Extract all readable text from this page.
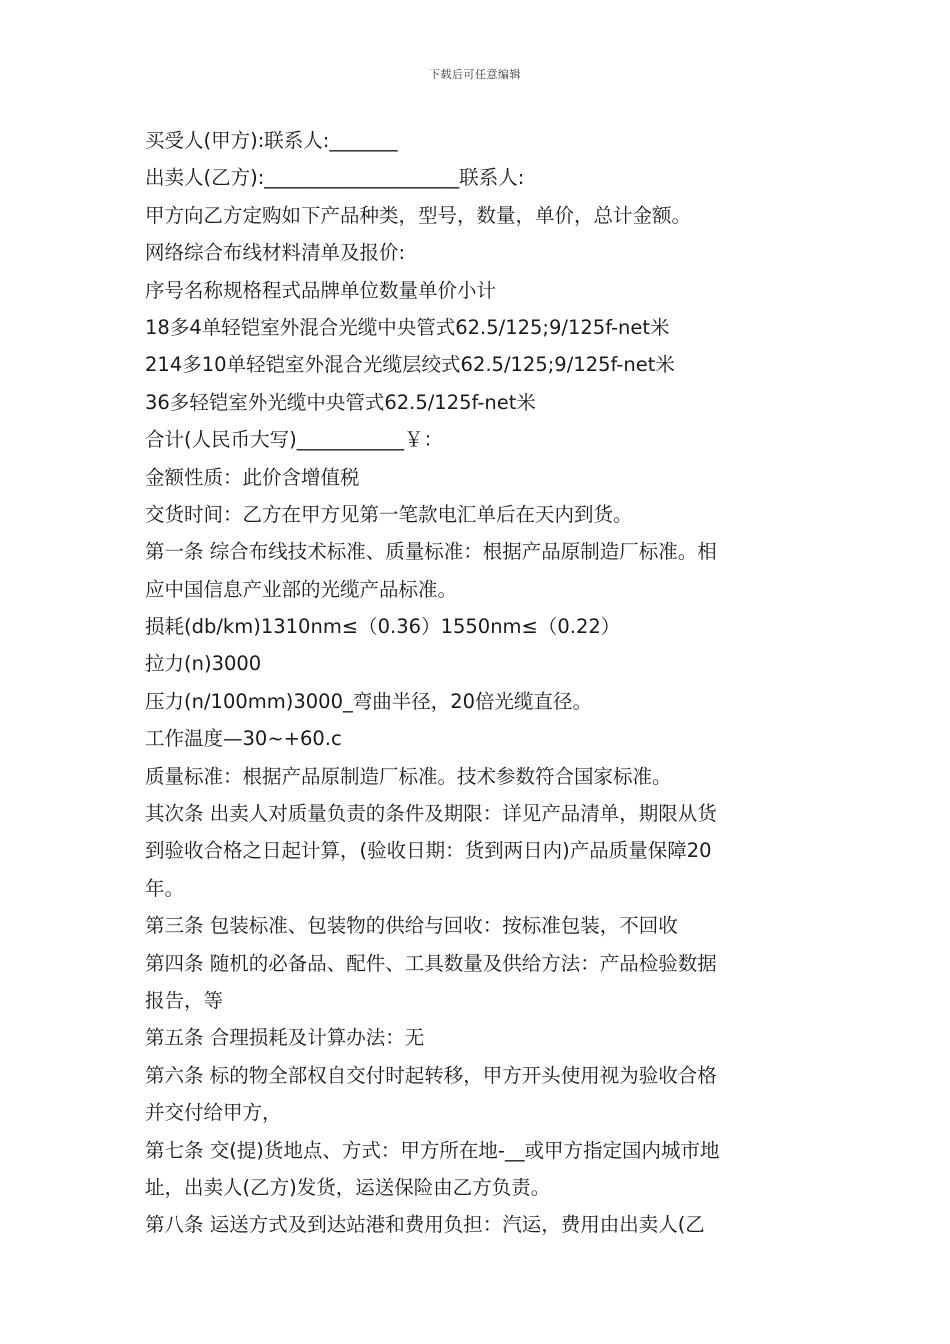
下载后可任意编辑
买受人(甲方):联系人:_______
出卖人(乙方):____________________联系人:
甲方向乙方定购如下产品种类，型号，数量，单价，总计金额。
网络综合布线材料清单及报价:
序号名称规格程式品牌单位数量单价小计
18多4单轻铠室外混合光缆中央管式62.5/125;9/125f-net米
214多10单轻铠室外混合光缆层绞式62.5/125;9/125f-net米
36多轻铠室外光缆中央管式62.5/125f-net米
合计(人民币大写)___________￥：
金额性质：此价含增值税
交货时间：乙方在甲方见第一笔款电汇单后在天内到货。
第一条 综合布线技术标准、质量标准：根据产品原制造厂标准。相
应中国信息产业部的光缆产品标准。
损耗(db/km)1310nm≤（0.36）1550nm≤（0.22）
拉力(n)3000
压力(n/100mm)3000_弯曲半径，20倍光缆直径。
工作温度—30~+60.c
质量标准：根据产品原制造厂标准。技术参数符合国家标准。
其次条 出卖人对质量负责的条件及期限：详见产品清单，期限从货
到验收合格之日起计算，(验收日期：货到两日内)产品质量保障20
年。
第三条 包装标准、包装物的供给与回收：按标准包装，不回收
第四条 随机的必备品、配件、工具数量及供给方法：产品检验数据
报告，等
第五条 合理损耗及计算办法：无
第六条 标的物全部权自交付时起转移，甲方开头使用视为验收合格
并交付给甲方，
第七条 交(提)货地点、方式：甲方所在地-__或甲方指定国内城市地
址，出卖人(乙方)发货，运送保险由乙方负责。
第八条 运送方式及到达站港和费用负担：汽运，费用由出卖人(乙
